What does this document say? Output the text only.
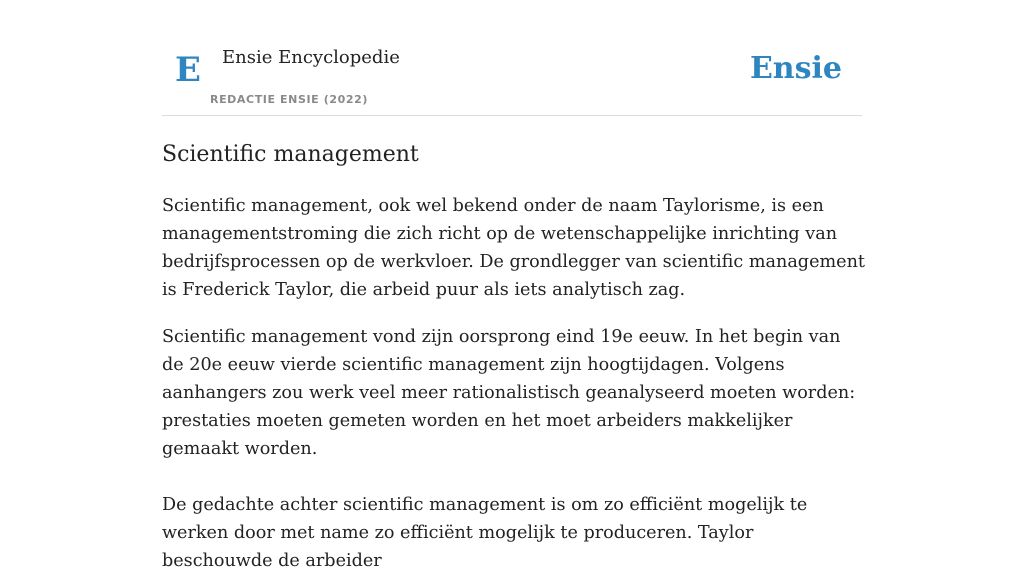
E Ensie Encyclopedie
REDACTIE ENSIE (2022)
Ensie
Scientific management

Scientific management, ook wel bekend onder de naam Taylorisme, is een managementstroming die zich richt op de wetenschappelijke inrichting van bedrijfsprocessen op de werkvloer. De grondlegger van scientific management is Frederick Taylor, die arbeid puur als iets analytisch zag.

Scientific management vond zijn oorsprong eind 19e eeuw. In het begin van de 20e eeuw vierde scientific management zijn hoogtijdagen. Volgens aanhangers zou werk veel meer rationalistisch geanalyseerd moeten worden: prestaties moeten gemeten worden en het moet arbeiders makkelijker gemaakt worden.

De gedachte achter scientific management is om zo efficiënt mogelijk te werken door met name zo efficiënt mogelijk te produceren. Taylor beschouwde de arbeider
